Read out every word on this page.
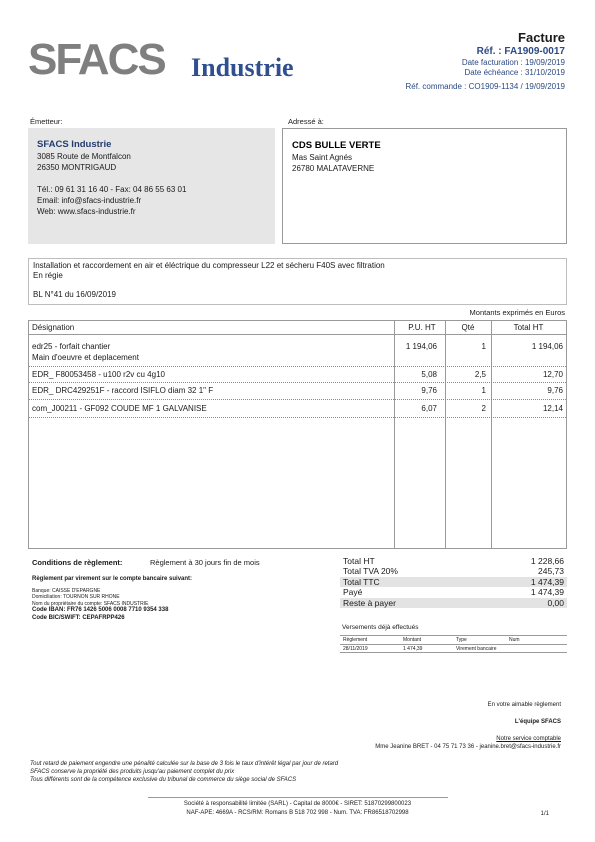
SFACS Industrie
Facture
Réf. : FA1909-0017
Date facturation : 19/09/2019
Date échéance : 31/10/2019
Réf. commande : CO1909-1134 / 19/09/2019
Émetteur:	Adressé à:
SFACS Industrie
3085 Route de Montfalcon
26350 MONTRIGAUD
Tél.: 09 61 31 16 40 - Fax: 04 86 55 63 01
Email: info@sfacs-industrie.fr
Web: www.sfacs-industrie.fr
CDS BULLE VERTE
Mas Saint Agnés
26780 MALATAVERNE
Installation et raccordement en air et éléctrique du compresseur L22 et sécheru F40S avec filtration
En régie
BL N°41 du 16/09/2019
Montants exprimés en Euros
Désignation	P.U. HT	Qté	Total HT
edr25 - forfait chantier
Main d'oeuvre et deplacement
1 194,06	1	1 194,06
EDR_ F80053458 - u100 r2v cu 4g10	5,08	2,5	12,70
EDR_ DRC429251F - raccord ISIFLO diam 32 1" F	9,76	1	9,76
com_J00211 - GF092 COUDE MF 1 GALVANISE	6,07	2	12,14
Conditions de règlement:	Règlement à 30 jours fin de mois
Règlement par virement sur le compte bancaire suivant:
Banque: CAISSE D'EPARGNE
Domiciliation: TOURNON SUR RHONE
Nom du propriétaire du compte: SFACS INDUSTRIE
Code IBAN: FR76 1426 5006 0008 7710 9354 338
Code BIC/SWIFT: CEPAFRPP426
Total HT	1 228,66
Total TVA 20%	245,73
Total TTC	1 474,39
Payé	1 474,39
Reste à payer	0,00
Versements déjà effectués
Règlement	Montant	Type	Num
28/11/2019	1 474,39	Virement bancaire
En votre aimable règlement
L'équipe SFACS
Notre service comptable
Mme Jeanine BRET - 04 75 71 73 36 - jeanine.bret@sfacs-industrie.fr
Tout retard de paiement engendre une pénalité calculée sur la base de 3 fois le taux d'intérêt légal par jour de retard
SFACS conserve la propriété des produits jusqu'au paiement complet du prix
Tous différents sont de la compétence exclusive du tribunal de commerce du siège social de SFACS
Société à responsabilité limitée (SARL) - Capital de 8000€ - SIRET: 51870299800023
NAF-APE: 4669A - RCS/RM: Romans B 518 702 998 - Num. TVA: FR86518702998	1/1
